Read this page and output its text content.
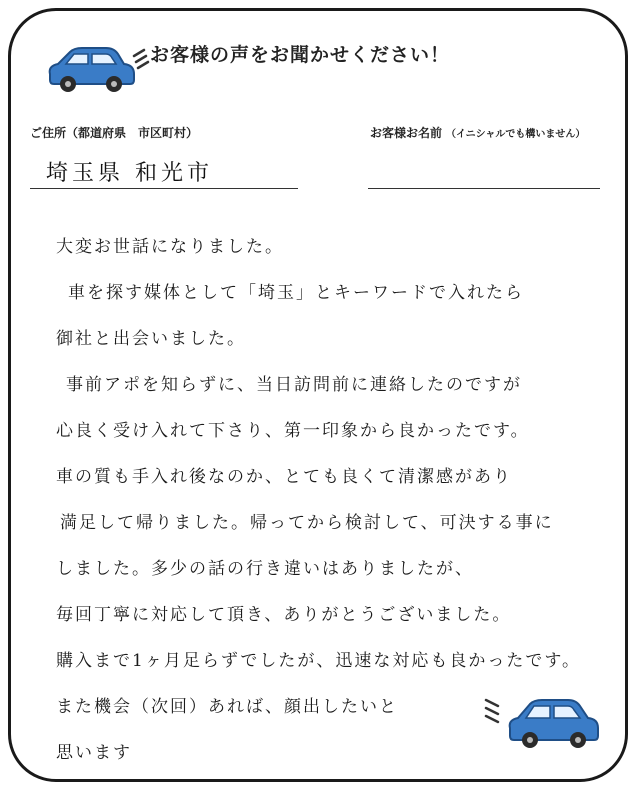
お客様の声をお聞かせください！
ご住所（都道府県　市区町村）
埼玉県 和光市
お客様お名前 （イニシャルでも構いません）
大変お世話になりました。
車を探す媒体として「埼玉」とキーワードで入れたら
御社と出会いました。
事前アポを知らずに、当日訪問前に連絡したのですが
心良く受け入れて下さり、第一印象から良かったです。
車の質も手入れ後なのか、とても良くて清潔感があり
満足して帰りました。帰ってから検討して、可決する事に
しました。多少の話の行き違いはありましたが、
毎回丁寧に対応して頂き、ありがとうございました。
購入まで1ヶ月足らずでしたが、迅速な対応も良かったです。
また機会（次回）あれば、顔出したいと
思います
